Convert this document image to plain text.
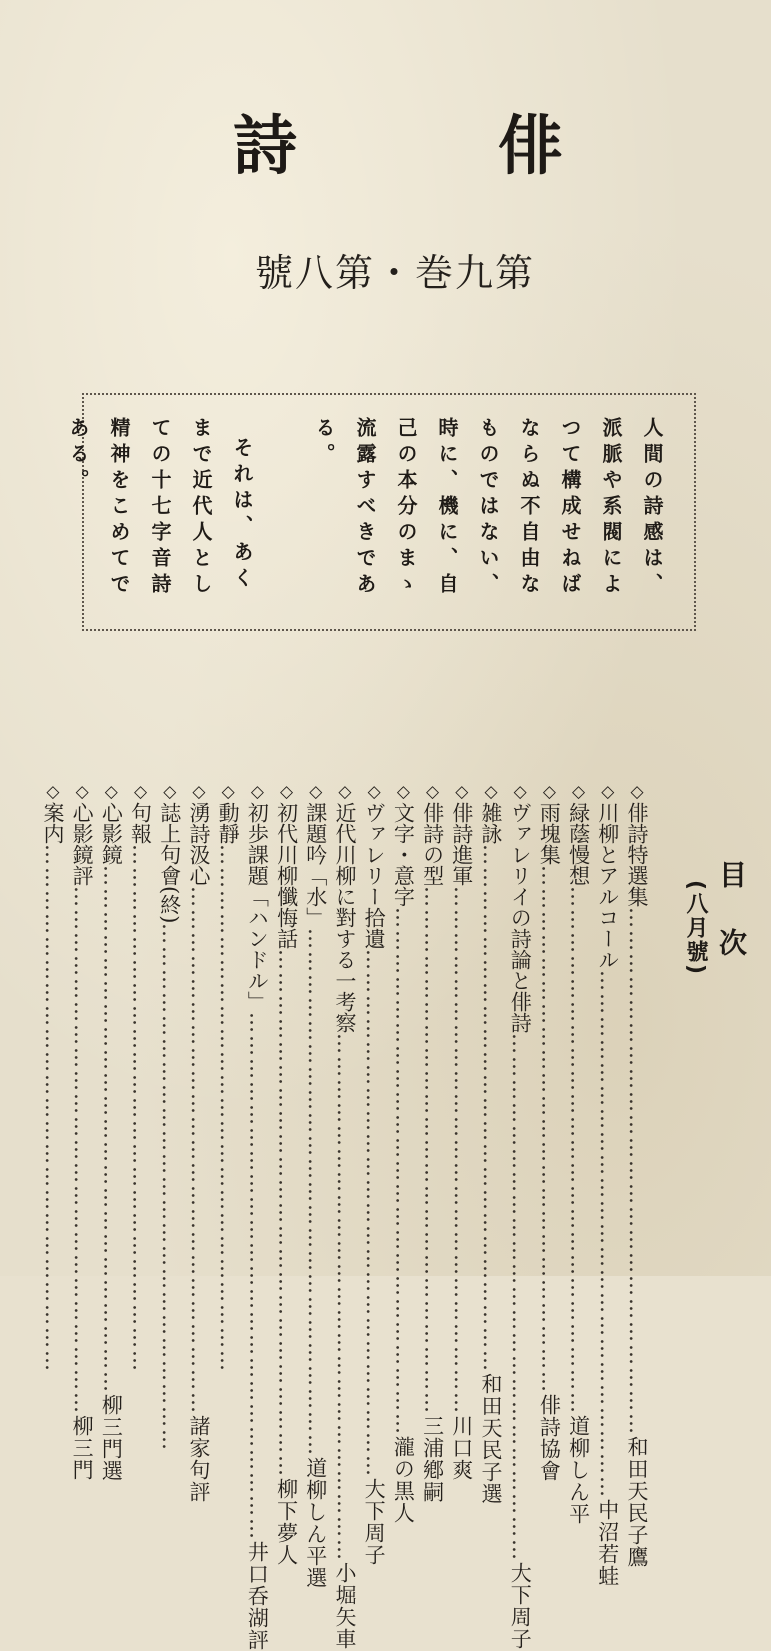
俳
詩
第九巻・第八號

人間の詩感は、派脈や系閥によつて構成せねばならぬ不自由なものではない、時に、機に、自己の本分のまゝ流露すべきである。

それは、あくまで近代人としての十七字音詩精神をこめてである。

目次
(八月號)
◇俳詩特選集
……………………………………………………………
和田天民子鷹
◇川柳とアルコール
……………………………………………………………
中沼若蛙
◇緑蔭慢想
……………………………………………………………
道柳しん平
◇雨塊集
……………………………………………………………
俳詩協會
◇ヴァレリイの詩論と俳詩
……………………………………………………………
大下周子
◇雑詠
……………………………………………………………
和田天民子選
◇俳詩進軍
……………………………………………………………
川口爽
◇俳詩の型
……………………………………………………………
三浦鄕嗣
◇文字・意字
……………………………………………………………
瀧の黒人
◇ヴァレリー拾遺
……………………………………………………………
大下周子
◇近代川柳に對する一考察
……………………………………………………………
小堀矢車
◇課題吟「水」
……………………………………………………………
道柳しん平選
◇初代川柳懺悔話
……………………………………………………………
柳下夢人
◇初歩課題「ハンドル」
……………………………………………………………
井口呑湖評
◇動靜
……………………………………………………………
◇湧詩汲心
……………………………………………………………
諸家句評
◇誌上句會(終)
……………………………………………………………
◇句報
……………………………………………………………
◇心影鏡
……………………………………………………………
柳三門選
◇心影鏡評
……………………………………………………………
柳三門
◇案内
……………………………………………………………
